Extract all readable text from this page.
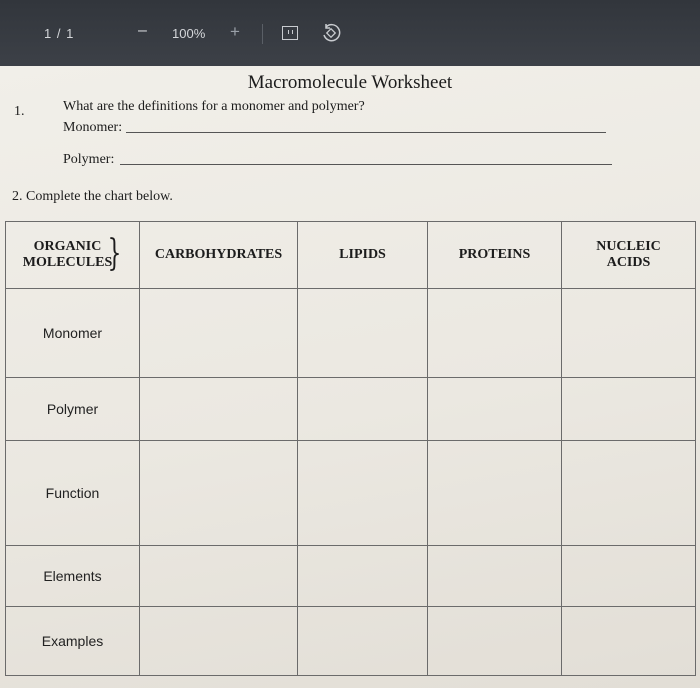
1 / 1	– 100% +
Macromolecule Worksheet
1.	What are the definitions for a monomer and polymer?
Monomer:
Polymer:
2. Complete the chart below.
ORGANIC
MOLECULES
}	CARBOHYDRATES	LIPIDS	PROTEINS	NUCLEIC ACIDS
Monomer				
Polymer				
Function				
Elements				
Examples				
